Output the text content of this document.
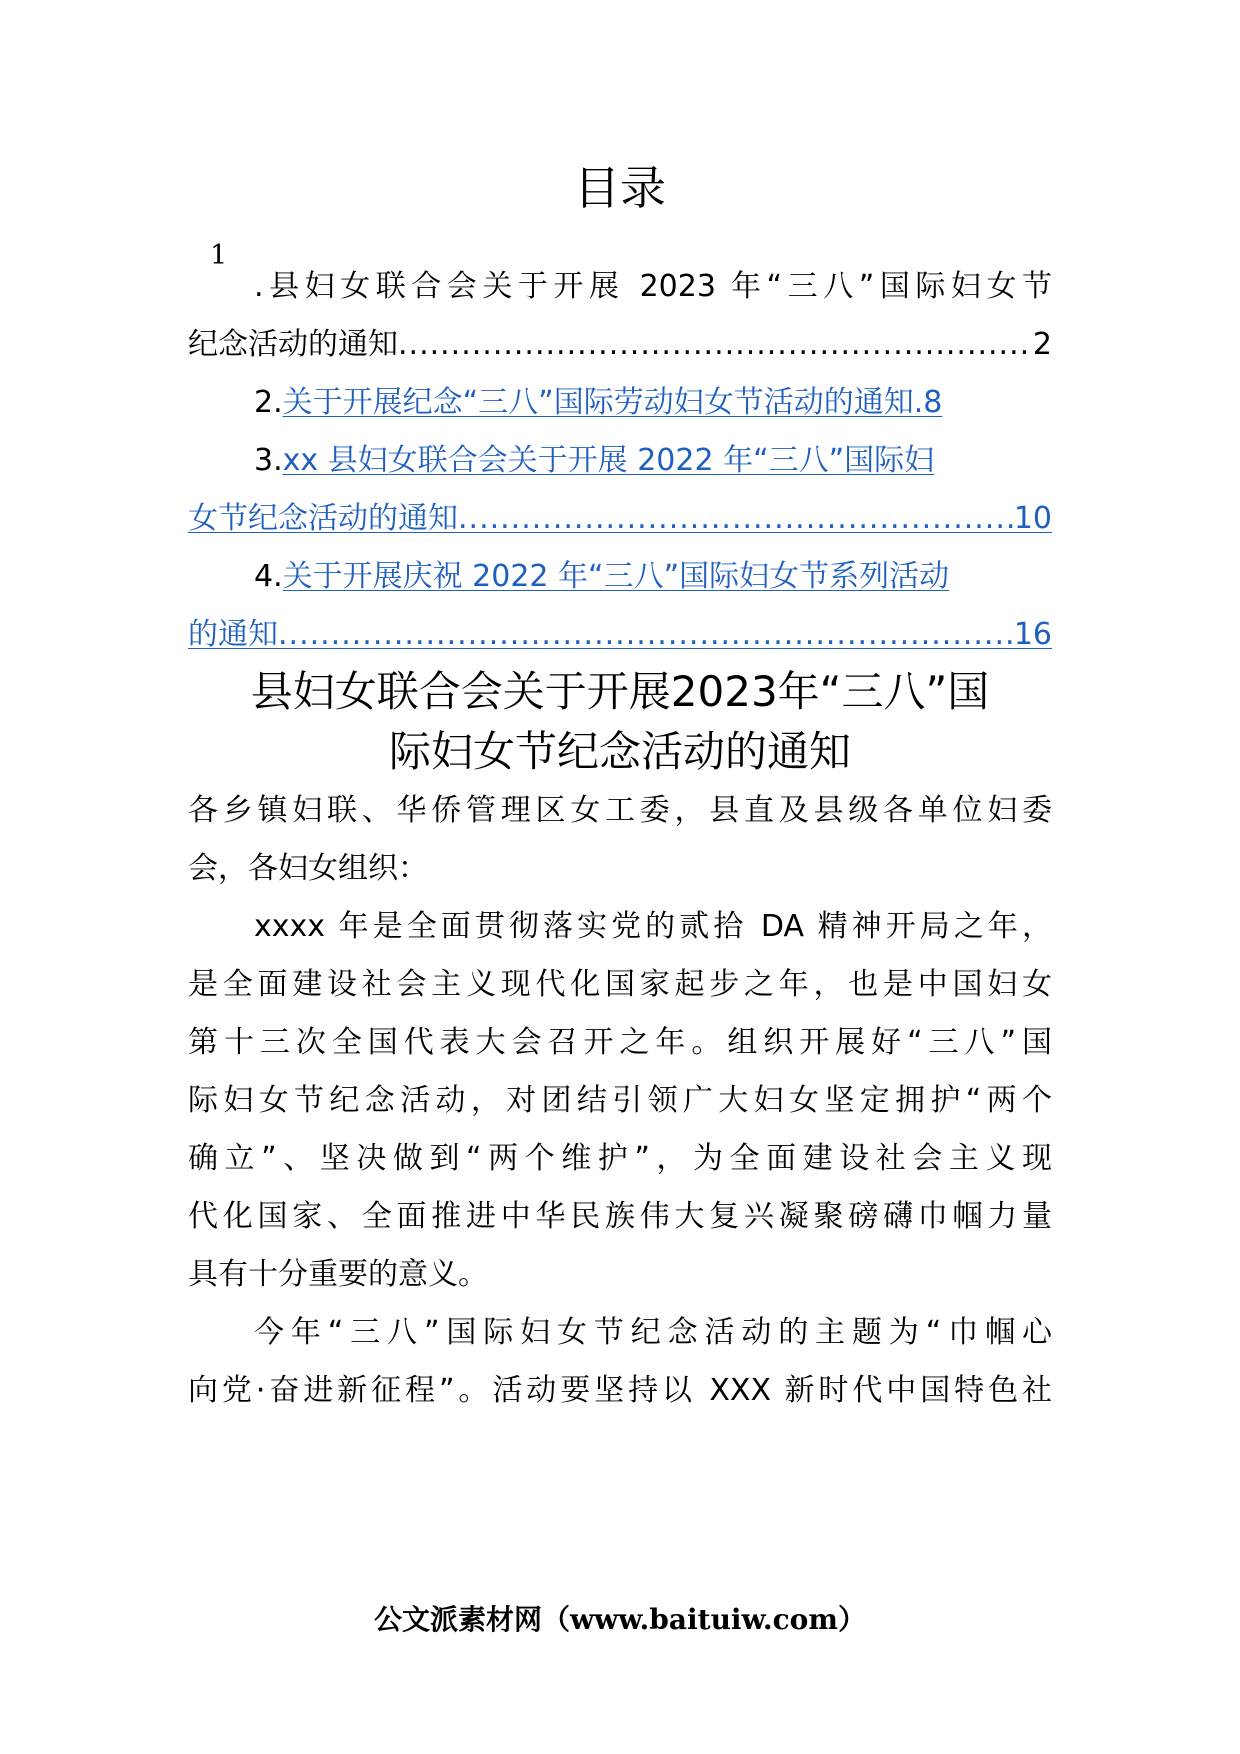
目录
1
.县妇女联合会关于开展 2023 年“三八”国际妇女节
纪念活动的通知 .....	2
2.关于开展纪念“三八”国际劳动妇女节活动的通知.8
3.xx 县妇女联合会关于开展 2022 年“三八”国际妇
女节纪念活动的通知 .....	10
4.关于开展庆祝 2022 年“三八”国际妇女节系列活动
的通知 .....	16
县妇女联合会关于开展2023年“三八”国
际妇女节纪念活动的通知
各乡镇妇联、华侨管理区女工委，县直及县级各单位妇委
会，各妇女组织：
xxxx 年是全面贯彻落实党的贰拾 DA 精神开局之年，
是全面建设社会主义现代化国家起步之年，也是中国妇女
第十三次全国代表大会召开之年。组织开展好“三八”国
际妇女节纪念活动，对团结引领广大妇女坚定拥护“两个
确立”、坚决做到“两个维护”，为全面建设社会主义现
代化国家、全面推进中华民族伟大复兴凝聚磅礴巾帼力量
具有十分重要的意义。
今年“三八”国际妇女节纪念活动的主题为“巾帼心
向党·奋进新征程”。活动要坚持以 XXX 新时代中国特色社
公文派素材网（www.baituiw.com）
